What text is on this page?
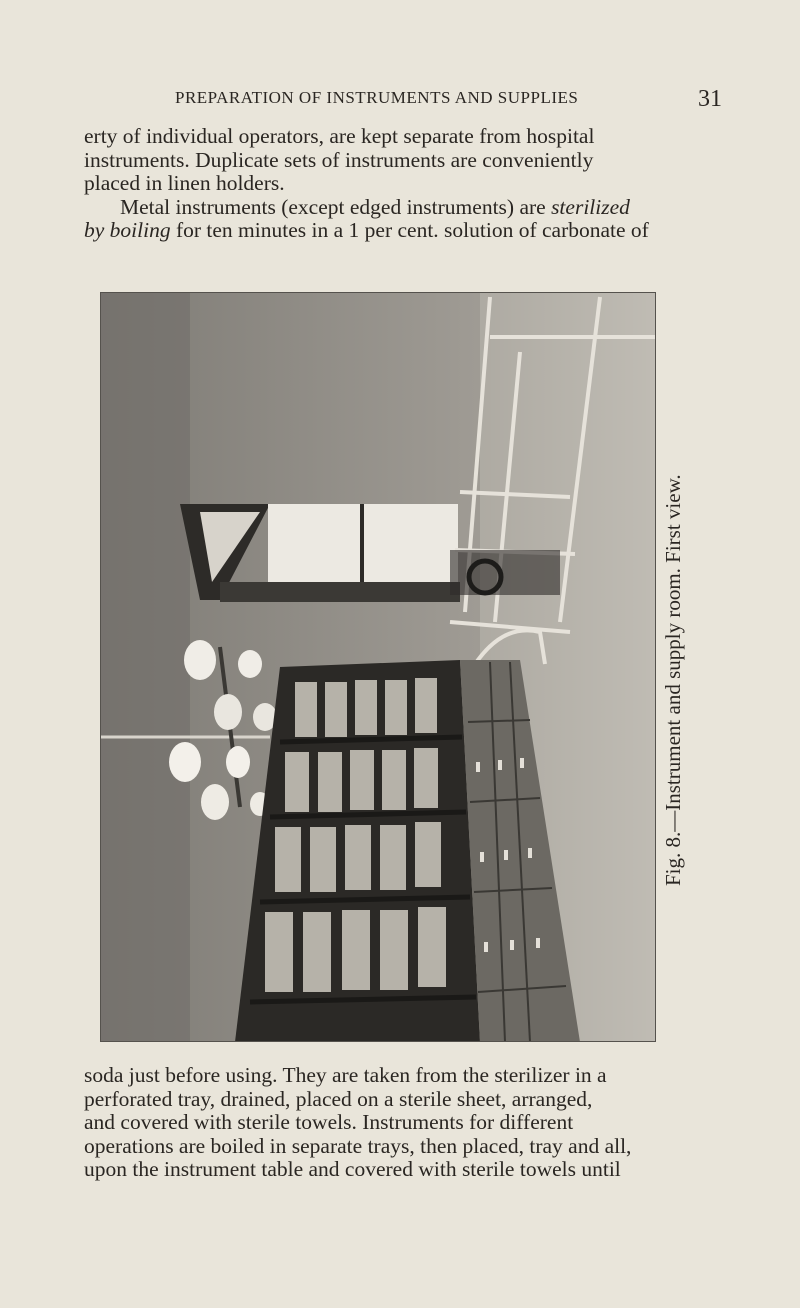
PREPARATION OF INSTRUMENTS AND SUPPLIES	31

erty of individual operators, are kept separate from hospital

instruments. Duplicate sets of instruments are conveniently

placed in linen holders.

Metal instruments (except edged instruments) are sterilized

by boiling for ten minutes in a 1 per cent. solution of carbonate of

Fig. 8.—Instrument and supply room. First view.

soda just before using. They are taken from the sterilizer in a

perforated tray, drained, placed on a sterile sheet, arranged,

and covered with sterile towels. Instruments for different

operations are boiled in separate trays, then placed, tray and all,

upon the instrument table and covered with sterile towels until
